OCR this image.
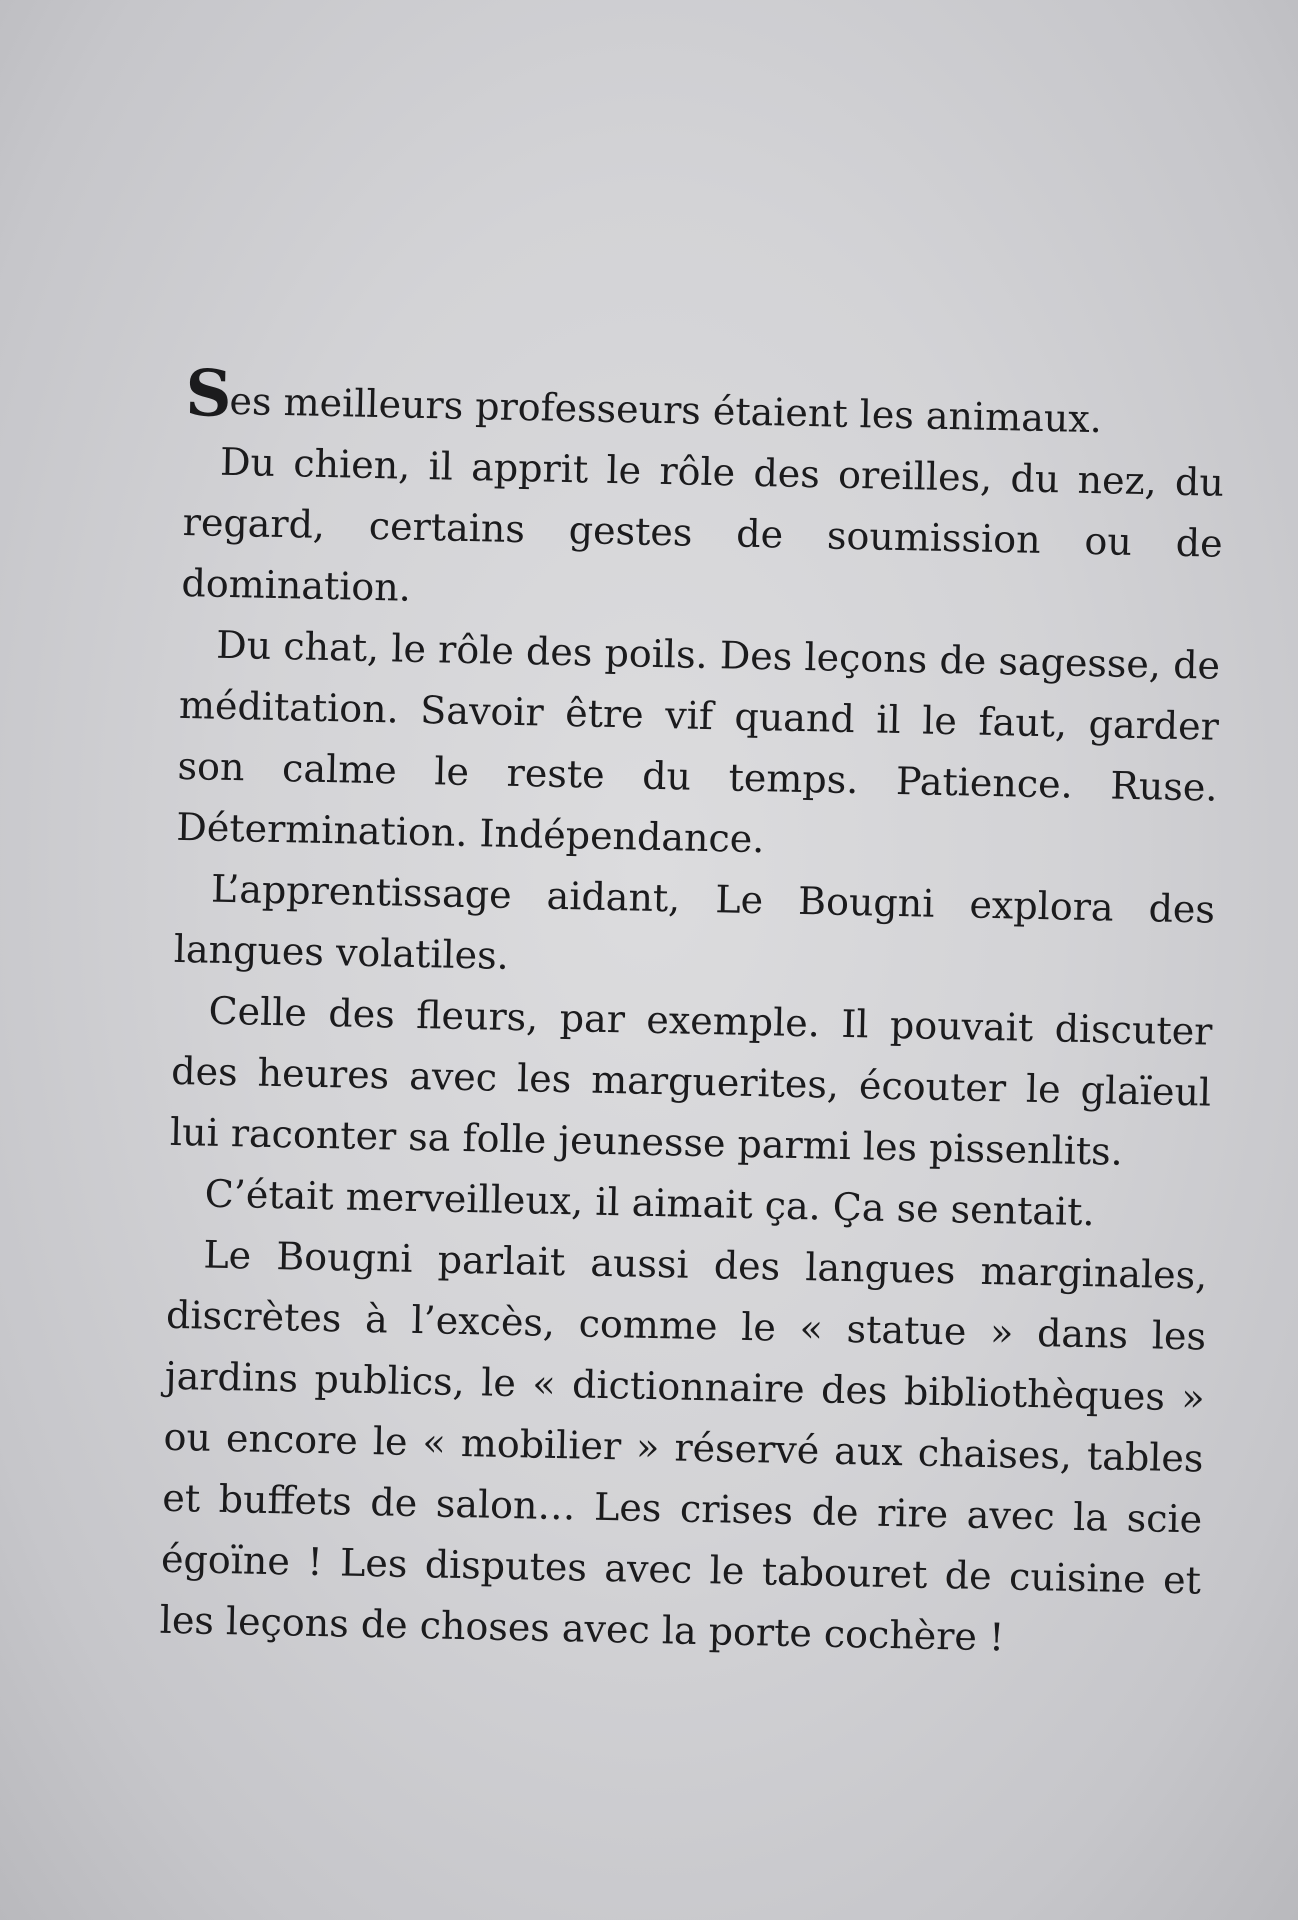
Ses meilleurs professeurs étaient les animaux.

Du chien, il apprit le rôle des oreilles, du nez, du regard, certains gestes de soumission ou de domination.

Du chat, le rôle des poils. Des leçons de sagesse, de méditation. Savoir être vif quand il le faut, garder son calme le reste du temps. Patience. Ruse. Détermination. Indépendance.

L’apprentissage aidant, Le Bougni explora des langues volatiles.

Celle des fleurs, par exemple. Il pouvait discuter des heures avec les marguerites, écouter le glaïeul lui raconter sa folle jeunesse parmi les pissenlits.

C’était merveilleux, il aimait ça. Ça se sentait.

Le Bougni parlait aussi des langues marginales, discrètes à l’excès, comme le « statue » dans les jardins publics, le « dictionnaire des bibliothèques » ou encore le « mobilier » réservé aux chaises, tables et buffets de salon… Les crises de rire avec la scie égoïne ! Les disputes avec le tabouret de cuisine et les leçons de choses avec la porte cochère !
